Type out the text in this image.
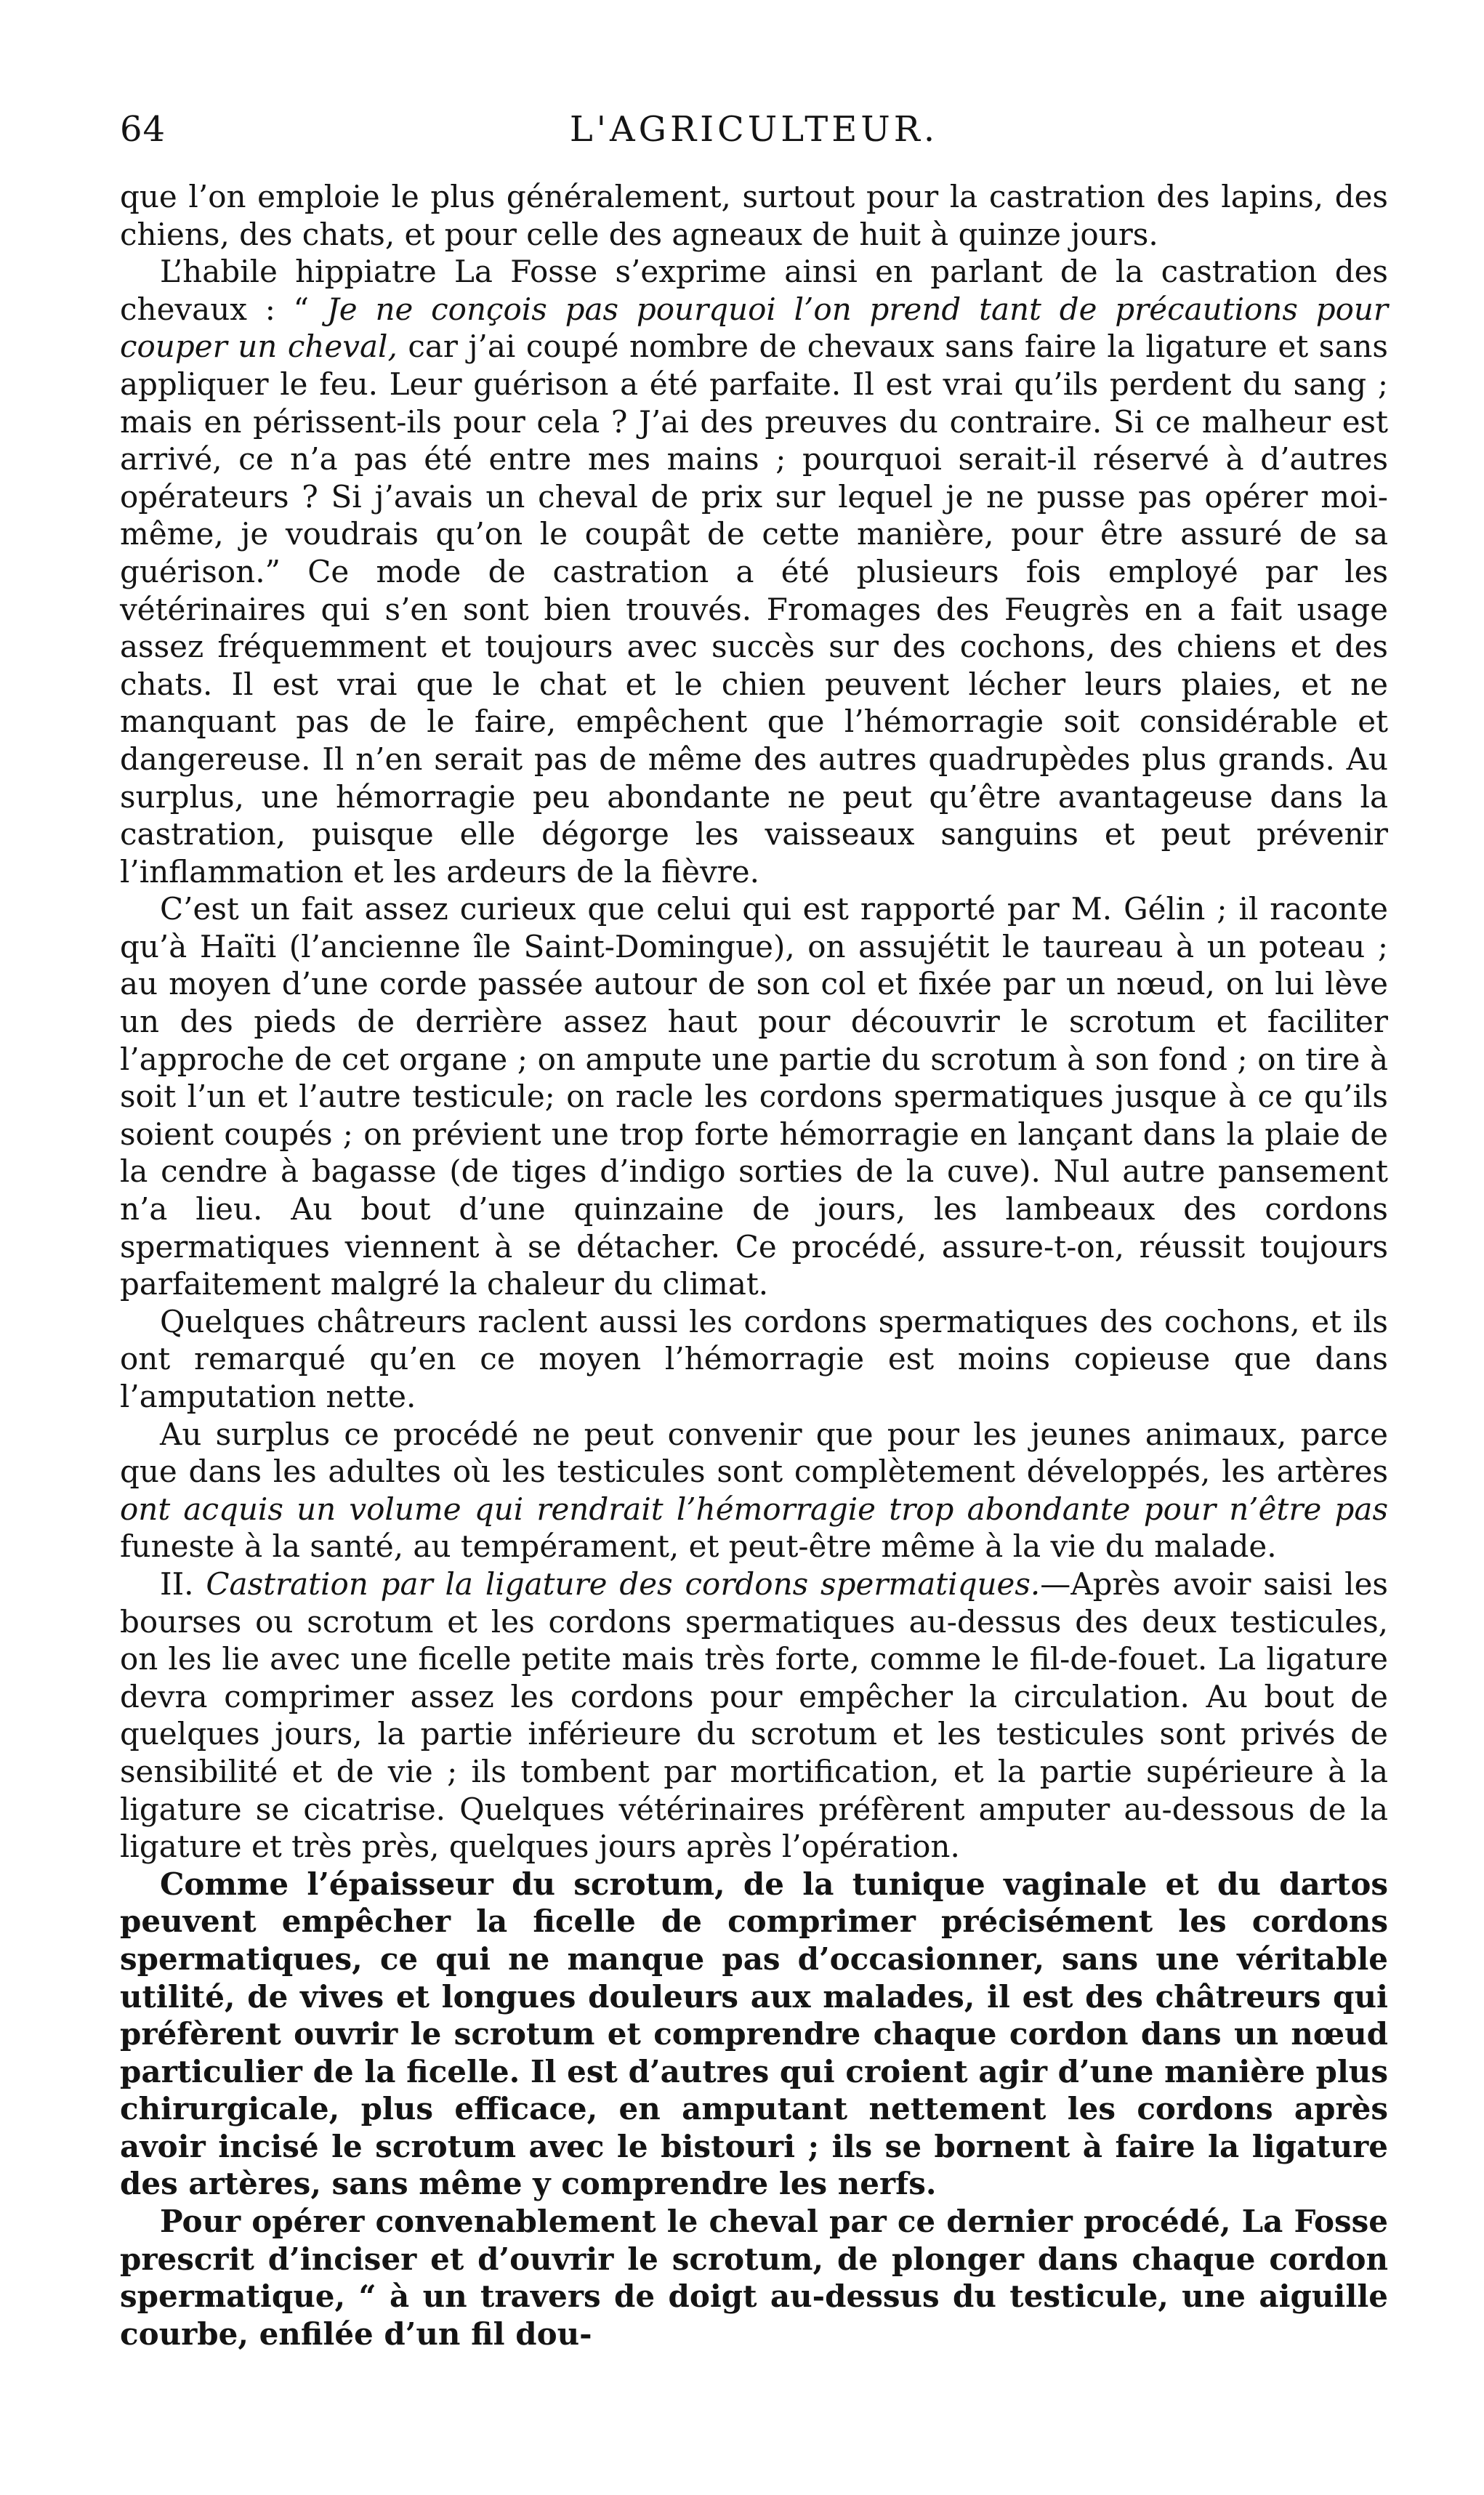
64	L'AGRICULTEUR.

que l’on emploie le plus généralement, surtout pour la castration des lapins, des chiens, des chats, et pour celle des agneaux de huit à quinze jours.

L’habile hippiatre La Fosse s’exprime ainsi en parlant de la castration des chevaux : “ Je ne conçois pas pourquoi l’on prend tant de précautions pour couper un cheval, car j’ai coupé nombre de chevaux sans faire la ligature et sans appliquer le feu. Leur guérison a été parfaite. Il est vrai qu’ils perdent du sang ; mais en périssent-ils pour cela ? J’ai des preuves du contraire. Si ce malheur est arrivé, ce n’a pas été entre mes mains ; pourquoi serait-il réservé à d’autres opérateurs ? Si j’avais un cheval de prix sur lequel je ne pusse pas opérer moi-même, je voudrais qu’on le coupât de cette manière, pour être assuré de sa guérison.” Ce mode de castration a été plusieurs fois employé par les vétérinaires qui s’en sont bien trouvés. Fromages des Feugrès en a fait usage assez fréquemment et toujours avec succès sur des cochons, des chiens et des chats. Il est vrai que le chat et le chien peuvent lécher leurs plaies, et ne manquant pas de le faire, empêchent que l’hémorragie soit considérable et dangereuse. Il n’en serait pas de même des autres quadrupèdes plus grands. Au surplus, une hémorragie peu abondante ne peut qu’être avantageuse dans la castration, puisque elle dégorge les vaisseaux sanguins et peut prévenir l’inflammation et les ardeurs de la fièvre.

C’est un fait assez curieux que celui qui est rapporté par M. Gélin ; il raconte qu’à Haïti (l’ancienne île Saint-Domingue), on assujétit le taureau à un poteau ; au moyen d’une corde passée autour de son col et fixée par un nœud, on lui lève un des pieds de derrière assez haut pour découvrir le scrotum et faciliter l’approche de cet organe ; on ampute une partie du scrotum à son fond ; on tire à soit l’un et l’autre testicule; on racle les cordons spermatiques jusque à ce qu’ils soient coupés ; on prévient une trop forte hémorragie en lançant dans la plaie de la cendre à bagasse (de tiges d’indigo sorties de la cuve). Nul autre pansement n’a lieu. Au bout d’une quinzaine de jours, les lambeaux des cordons spermatiques viennent à se détacher. Ce procédé, assure-t-on, réussit toujours parfaitement malgré la chaleur du climat.

Quelques châtreurs raclent aussi les cordons spermatiques des cochons, et ils ont remarqué qu’en ce moyen l’hémorragie est moins copieuse que dans l’amputation nette.

Au surplus ce procédé ne peut convenir que pour les jeunes animaux, parce que dans les adultes où les testicules sont complètement développés, les artères ont acquis un volume qui rendrait l’hémorragie trop abondante pour n’être pas funeste à la santé, au tempérament, et peut-être même à la vie du malade.

II. Castration par la ligature des cordons spermatiques.—Après avoir saisi les bourses ou scrotum et les cordons spermatiques au-dessus des deux testicules, on les lie avec une ficelle petite mais très forte, comme le fil-de-fouet. La ligature devra comprimer assez les cordons pour empêcher la circulation. Au bout de quelques jours, la partie inférieure du scrotum et les testicules sont privés de sensibilité et de vie ; ils tombent par mortification, et la partie supérieure à la ligature se cicatrise. Quelques vétérinaires préfèrent amputer au-dessous de la ligature et très près, quelques jours après l’opération.

Comme l’épaisseur du scrotum, de la tunique vaginale et du dartos peuvent empêcher la ficelle de comprimer précisément les cordons spermatiques, ce qui ne manque pas d’occasionner, sans une véritable utilité, de vives et longues douleurs aux malades, il est des châtreurs qui préfèrent ouvrir le scrotum et comprendre chaque cordon dans un nœud particulier de la ficelle. Il est d’autres qui croient agir d’une manière plus chirurgicale, plus efficace, en amputant nettement les cordons après avoir incisé le scrotum avec le bistouri ; ils se bornent à faire la ligature des artères, sans même y comprendre les nerfs.

Pour opérer convenablement le cheval par ce dernier procédé, La Fosse prescrit d’inciser et d’ouvrir le scrotum, de plonger dans chaque cordon spermatique, “ à un travers de doigt au-dessus du testicule, une aiguille courbe, enfilée d’un fil dou-
